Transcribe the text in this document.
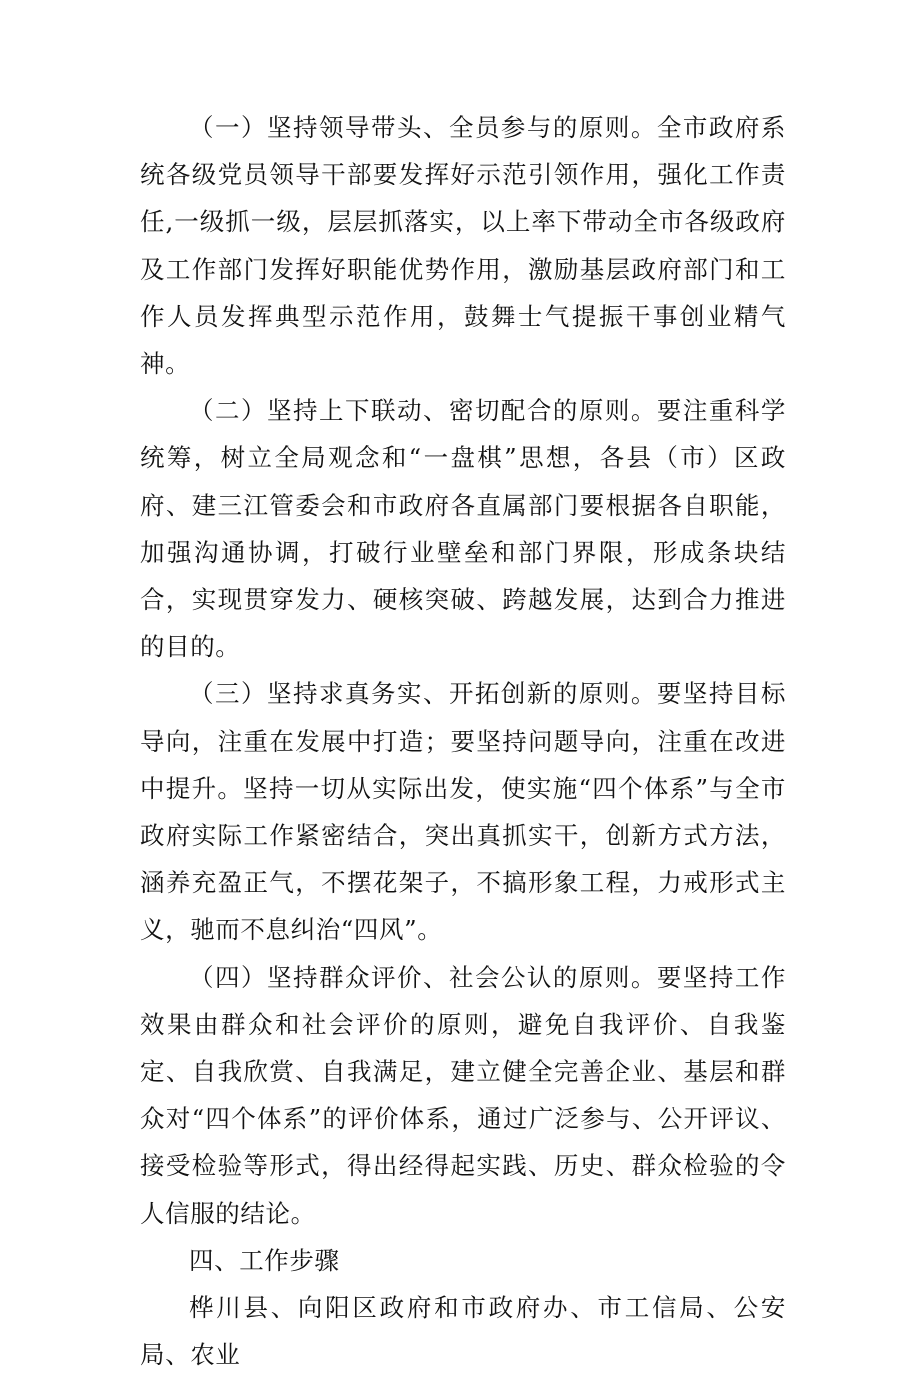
（一）坚持领导带头、全员参与的原则。全市政府系统各级党员领导干部要发挥好示范引领作用，强化工作责任,一级抓一级，层层抓落实，以上率下带动全市各级政府及工作部门发挥好职能优势作用，激励基层政府部门和工作人员发挥典型示范作用，鼓舞士气提振干事创业精气神。

（二）坚持上下联动、密切配合的原则。要注重科学统筹，树立全局观念和“一盘棋”思想，各县（市）区政府、建三江管委会和市政府各直属部门要根据各自职能，加强沟通协调，打破行业壁垒和部门界限，形成条块结合，实现贯穿发力、硬核突破、跨越发展，达到合力推进的目的。

（三）坚持求真务实、开拓创新的原则。要坚持目标导向，注重在发展中打造；要坚持问题导向，注重在改进中提升。坚持一切从实际出发，使实施“四个体系”与全市政府实际工作紧密结合，突出真抓实干，创新方式方法，涵养充盈正气，不摆花架子，不搞形象工程，力戒形式主义，驰而不息纠治“四风”。

（四）坚持群众评价、社会公认的原则。要坚持工作效果由群众和社会评价的原则，避免自我评价、自我鉴定、自我欣赏、自我满足，建立健全完善企业、基层和群众对“四个体系”的评价体系，通过广泛参与、公开评议、接受检验等形式，得出经得起实践、历史、群众检验的令人信服的结论。

四、工作步骤

桦川县、向阳区政府和市政府办、市工信局、公安局、农业
